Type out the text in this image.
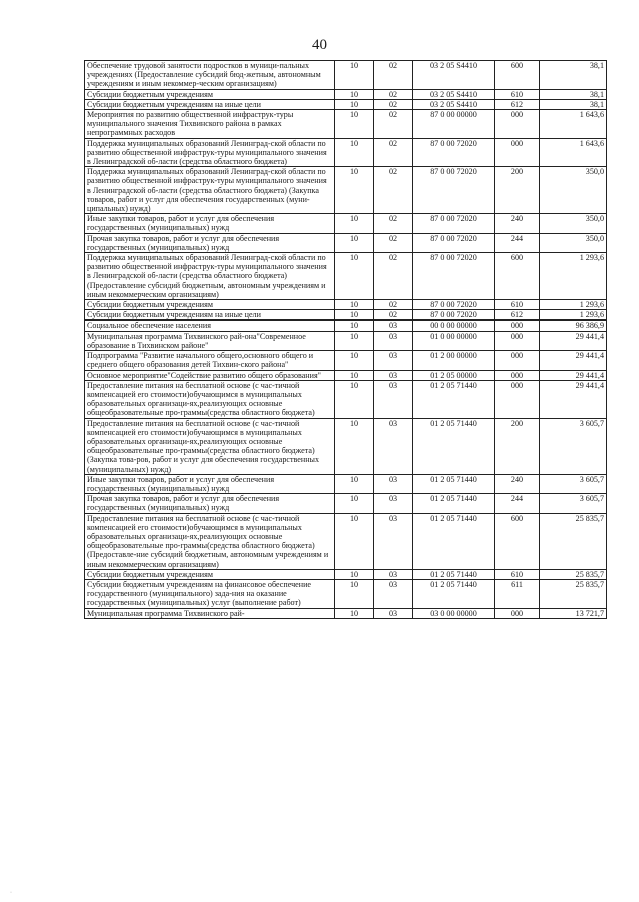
40
Обеспечение трудовой занятости подростков в муници-пальных учреждениях (Предоставление субсидий бюд-жетным, автономным учреждениям и иным некоммер-ческим организациям)	10	02	03 2 05 S4410	600	38,1
Субсидии бюджетным учреждениям	10	02	03 2 05 S4410	610	38,1
Субсидии бюджетным учреждениям на иные цели	10	02	03 2 05 S4410	612	38,1
Мероприятия по развитию общественной инфраструк-туры муниципального значения Тихвинского района в рамках непрограммных расходов	10	02	87 0 00 00000	000	1 643,6
Поддержка муниципальных образований Ленинград-ской области по развитию общественной инфраструк-туры муниципального значения в Ленинградской об-ласти (средства областного бюджета)	10	02	87 0 00 72020	000	1 643,6
Поддержка муниципальных образований Ленинград-ской области по развитию общественной инфраструк-туры муниципального значения в Ленинградской об-ласти (средства областного бюджета) (Закупка товаров, работ и услуг для обеспечения государственных (муни-ципальных) нужд)	10	02	87 0 00 72020	200	350,0
Иные закупки товаров, работ и услуг для обеспечения государственных (муниципальных) нужд	10	02	87 0 00 72020	240	350,0
Прочая закупка товаров, работ и услуг для обеспечения государственных (муниципальных) нужд	10	02	87 0 00 72020	244	350,0
Поддержка муниципальных образований Ленинград-ской области по развитию общественной инфраструк-туры муниципального значения в Ленинградской об-ласти (средства областного бюджета) (Предоставление субсидий бюджетным, автономным учреждениям и иным некоммерческим организациям)	10	02	87 0 00 72020	600	1 293,6
Субсидии бюджетным учреждениям	10	02	87 0 00 72020	610	1 293,6
Субсидии бюджетным учреждениям на иные цели	10	02	87 0 00 72020	612	1 293,6
Социальное обеспечение населения	10	03	00 0 00 00000	000	96 386,9
Муниципальная программа Тихвинского рай-она"Современное образование в Тихвинском районе"	10	03	01 0 00 00000	000	29 441,4
Подпрограмма "Развитие начального общего,основного общего и среднего общего образования детей Тихвин-ского района"	10	03	01 2 00 00000	000	29 441,4
Основное мероприятие"Содействие развитию общего образования"	10	03	01 2 05 00000	000	29 441,4
Предоставление питания на бесплатной основе (с час-тичной компенсацией его стоимости)обучающимся в муниципальных образовательных организаци-ях,реализующих основные общеобразовательные про-граммы(средства областного бюджета)	10	03	01 2 05 71440	000	29 441,4
Предоставление питания на бесплатной основе (с час-тичной компенсацией его стоимости)обучающимся в муниципальных образовательных организаци-ях,реализующих основные общеобразовательные про-граммы(средства областного бюджета) (Закупка това-ров, работ и услуг для обеспечения государственных (муниципальных) нужд)	10	03	01 2 05 71440	200	3 605,7
Иные закупки товаров, работ и услуг для обеспечения государственных (муниципальных) нужд	10	03	01 2 05 71440	240	3 605,7
Прочая закупка товаров, работ и услуг для обеспечения государственных (муниципальных) нужд	10	03	01 2 05 71440	244	3 605,7
Предоставление питания на бесплатной основе (с час-тичной компенсацией его стоимости)обучающимся в муниципальных образовательных организаци-ях,реализующих основные общеобразовательные про-граммы(средства областного бюджета) (Предоставле-ние субсидий бюджетным, автономным учреждениям и иным некоммерческим организациям)	10	03	01 2 05 71440	600	25 835,7
Субсидии бюджетным учреждениям	10	03	01 2 05 71440	610	25 835,7
Субсидии бюджетным учреждениям на финансовое обеспечение государственного (муниципального) зада-ния на оказание государственных (муниципальных) услуг (выполнение работ)	10	03	01 2 05 71440	611	25 835,7
Муниципальная программа Тихвинского рай-	10	03	03 0 00 00000	000	13 721,7
·
